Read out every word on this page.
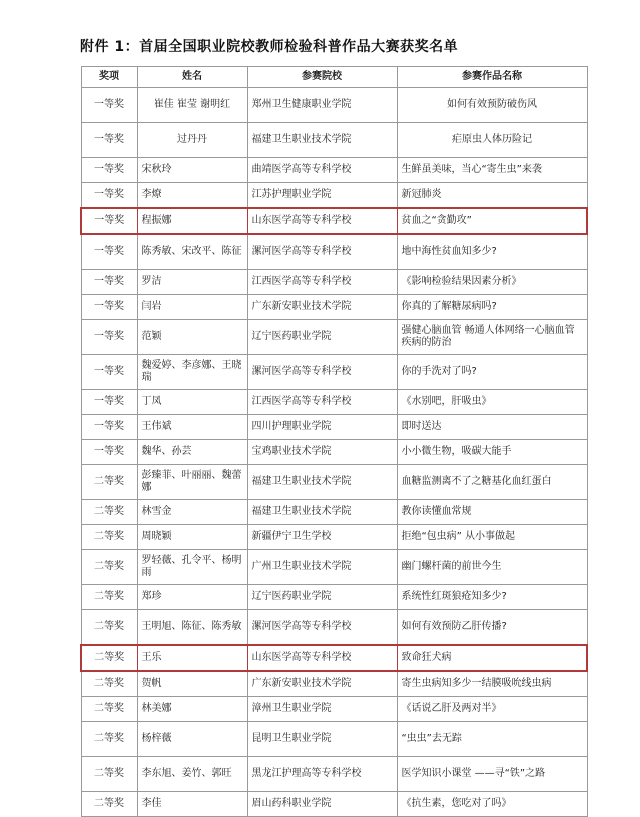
附件 1：首届全国职业院校教师检验科普作品大赛获奖名单
奖项	姓名	参赛院校	参赛作品名称
一等奖	崔佳 崔莹 谢明红	郑州卫生健康职业学院	如何有效预防破伤风
一等奖	过丹丹	福建卫生职业技术学院	疟原虫人体历险记
一等奖	宋秋玲	曲靖医学高等专科学校	生鲜虽美味，当心“寄生虫”来袭
一等奖	李燎	江苏护理职业学院	新冠肺炎
一等奖	程振娜	山东医学高等专科学校	贫血之“贪勤攻”
一等奖	陈秀敏、宋改平、陈征	漯河医学高等专科学校	地中海性贫血知多少?
一等奖	罗洁	江西医学高等专科学校	《影响检验结果因素分析》
一等奖	闫岩	广东新安职业技术学院	你真的了解糖尿病吗?
一等奖	范颖	辽宁医药职业学院	强健心脑血管 畅通人体网络一心脑血管疾病的防治
一等奖	魏爱婷、李彦娜、王晓瑞	漯河医学高等专科学校	你的手洗对了吗?
一等奖	丁凤	江西医学高等专科学校	《水别吧，肝吸虫》
一等奖	王伟斌	四川护理职业学院	即时送达
一等奖	魏华、孙芸	宝鸡职业技术学院	小小微生物，吸碳大能手
二等奖	彭臻菲、叶丽丽、魏蕾娜	福建卫生职业技术学院	血糖监测离不了之糖基化血红蛋白
二等奖	林雪金	福建卫生职业技术学院	教你读懂血常规
二等奖	周晓颖	新疆伊宁卫生学校	拒绝“包虫病” 从小事做起
二等奖	罗轻薇、孔令平、杨明雨	广州卫生职业技术学院	幽门螺杆菌的前世今生
二等奖	郑珍	辽宁医药职业学院	系统性红斑狼疮知多少?
二等奖	王明旭、陈征、陈秀敏	漯河医学高等专科学校	如何有效预防乙肝传播?
二等奖	王乐	山东医学高等专科学校	致命狂犬病
二等奖	贺帆	广东新安职业技术学院	寄生虫病知多少一结膜吸吮线虫病
二等奖	林美娜	漳州卫生职业学院	《话说乙肝及两对半》
二等奖	杨梓薇	昆明卫生职业学院	“虫虫”去无踪
二等奖	李东旭、姜竹、郭旺	黑龙江护理高等专科学校	医学知识小课堂 ——寻“铁”之路
二等奖	李佳	眉山药科职业学院	《抗生素，您吃对了吗》
